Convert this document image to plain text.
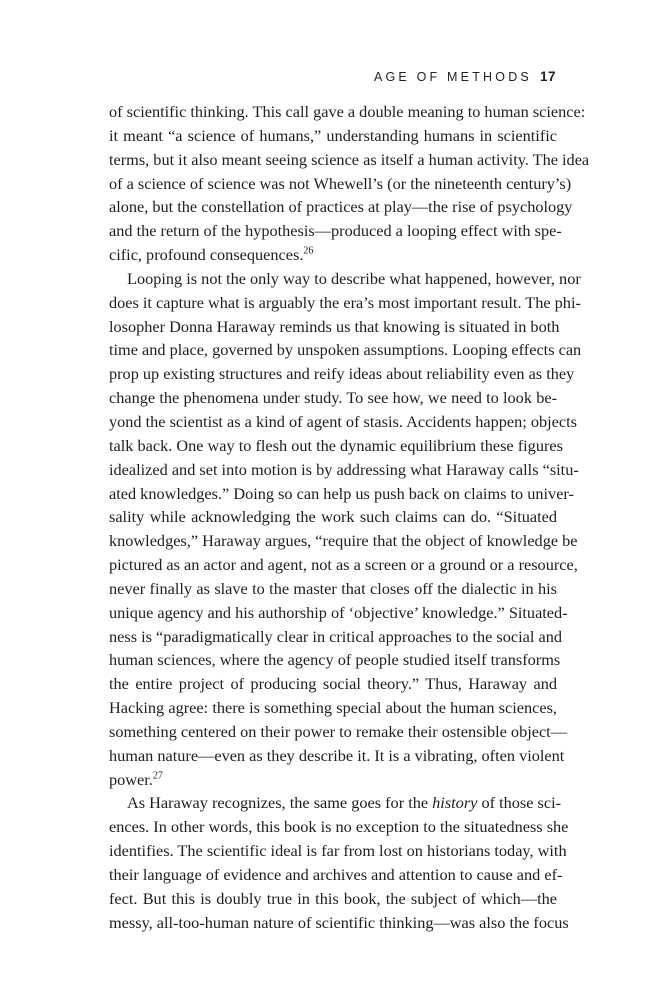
AGE OF METHODS 17
of scientific thinking. This call gave a double meaning to human science:
it meant “a science of humans,” understanding humans in scientific
terms, but it also meant seeing science as itself a human activity. The idea
of a science of science was not Whewell’s (or the nineteenth century’s)
alone, but the constellation of practices at play—the rise of psychology
and the return of the hypothesis—produced a looping effect with spe-
cific, profound consequences.$^{26}$
Looping is not the only way to describe what happened, however, nor
does it capture what is arguably the era’s most important result. The phi-
losopher Donna Haraway reminds us that knowing is situated in both
time and place, governed by unspoken assumptions. Looping effects can
prop up existing structures and reify ideas about reliability even as they
change the phenomena under study. To see how, we need to look be-
yond the scientist as a kind of agent of stasis. Accidents happen; objects
talk back. One way to flesh out the dynamic equilibrium these figures
idealized and set into motion is by addressing what Haraway calls “situ-
ated knowledges.” Doing so can help us push back on claims to univer-
sality while acknowledging the work such claims can do. “Situated
knowledges,” Haraway argues, “require that the object of knowledge be
pictured as an actor and agent, not as a screen or a ground or a resource,
never finally as slave to the master that closes off the dialectic in his
unique agency and his authorship of ‘objective’ knowledge.” Situated-
ness is “paradigmatically clear in critical approaches to the social and
human sciences, where the agency of people studied itself transforms
the entire project of producing social theory.” Thus, Haraway and
Hacking agree: there is something special about the human sciences,
something centered on their power to remake their ostensible object—
human nature—even as they describe it. It is a vibrating, often violent
power.$^{27}$
As Haraway recognizes, the same goes for the history of those sci-
ences. In other words, this book is no exception to the situatedness she
identifies. The scientific ideal is far from lost on historians today, with
their language of evidence and archives and attention to cause and ef-
fect. But this is doubly true in this book, the subject of which—the
messy, all-too-human nature of scientific thinking—was also the focus
